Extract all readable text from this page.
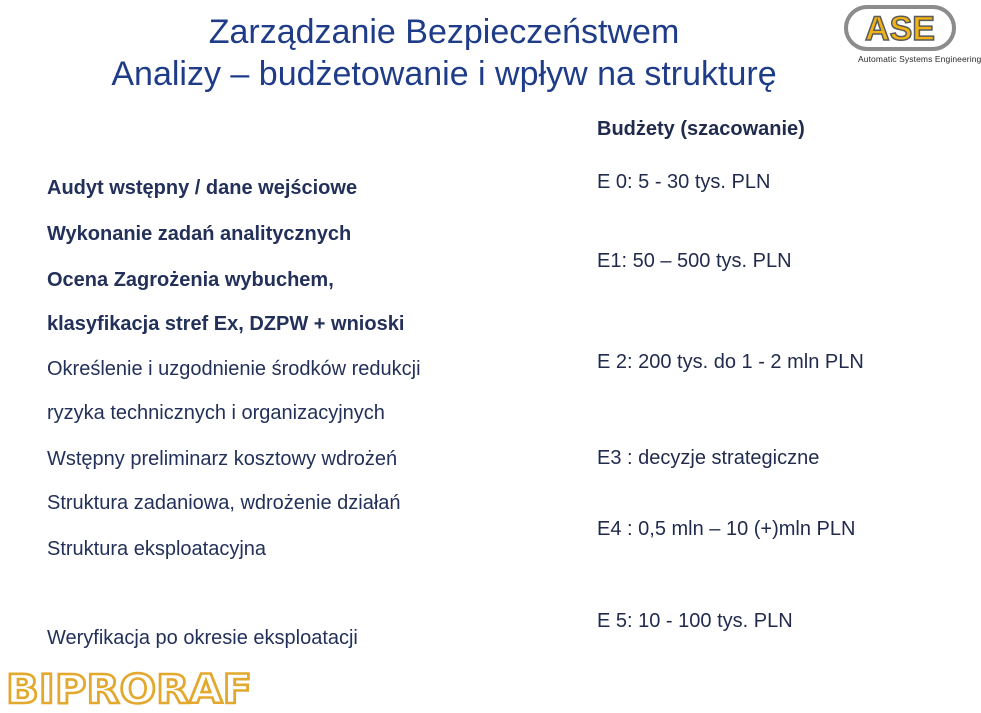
Zarządzanie Bezpieczeństwem
Analizy – budżetowanie i wpływ na strukturę
ASE
Automatic Systems Engineering
Budżety (szacowanie)
Audyt wstępny / dane wejściowe
Wykonanie zadań analitycznych
Ocena Zagrożenia wybuchem,
klasyfikacja stref Ex, DZPW + wnioski
Określenie i uzgodnienie środków redukcji
ryzyka technicznych i organizacyjnych
Wstępny preliminarz kosztowy wdrożeń
Struktura zadaniowa, wdrożenie działań
Struktura eksploatacyjna
Weryfikacja po okresie eksploatacji
E 0: 5 - 30 tys. PLN
E1: 50 – 500 tys. PLN
E 2: 200 tys. do 1 - 2 mln PLN
E3 : decyzje strategiczne
E4 : 0,5 mln – 10 (+)mln PLN
E 5: 10 - 100 tys. PLN
BIPRORAF
